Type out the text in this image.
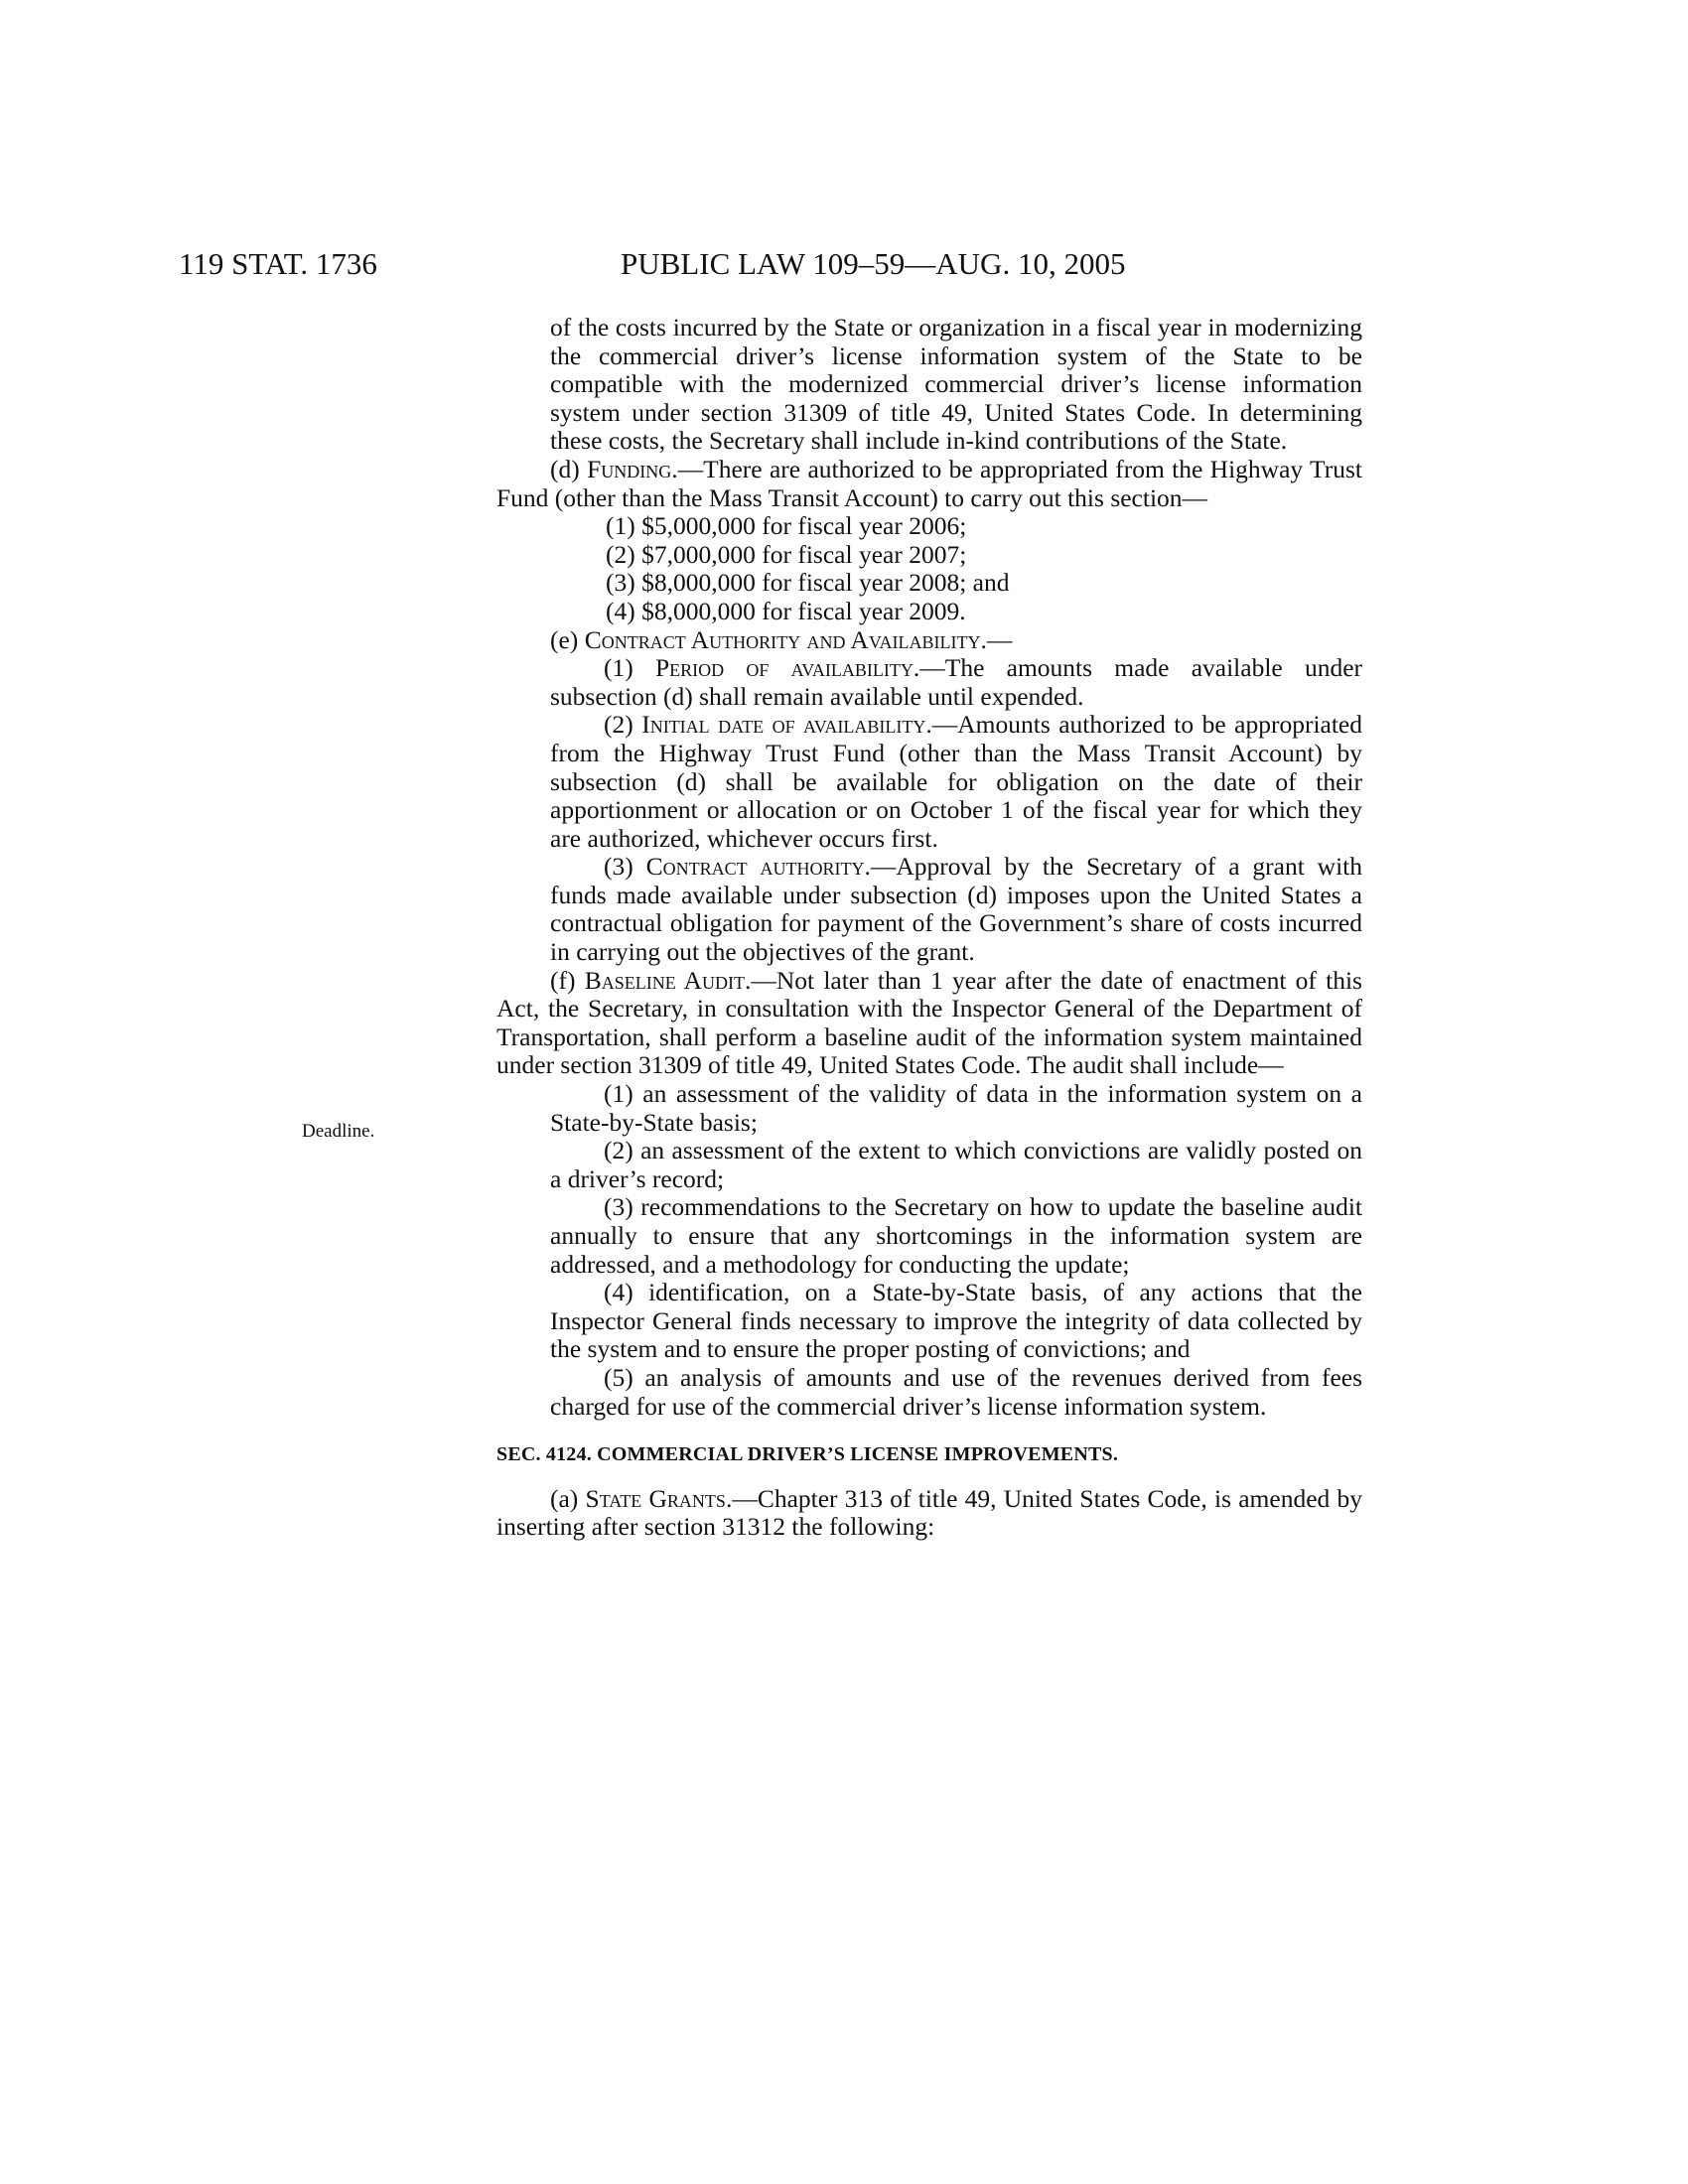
119 STAT. 1736	PUBLIC LAW 109–59—AUG. 10, 2005
Deadline.

of the costs incurred by the State or organization in a fiscal year in modernizing the commercial driver’s license information system of the State to be compatible with the modernized commercial driver’s license information system under section 31309 of title 49, United States Code. In determining these costs, the Secretary shall include in-kind contributions of the State.

(d) Funding.—There are authorized to be appropriated from the Highway Trust Fund (other than the Mass Transit Account) to carry out this section—

(1) $5,000,000 for fiscal year 2006;

(2) $7,000,000 for fiscal year 2007;

(3) $8,000,000 for fiscal year 2008; and

(4) $8,000,000 for fiscal year 2009.

(e) Contract Authority and Availability.—

(1) Period of availability.—The amounts made available under subsection (d) shall remain available until expended.

(2) Initial date of availability.—Amounts authorized to be appropriated from the Highway Trust Fund (other than the Mass Transit Account) by subsection (d) shall be available for obligation on the date of their apportionment or allocation or on October 1 of the fiscal year for which they are authorized, whichever occurs first.

(3) Contract authority.—Approval by the Secretary of a grant with funds made available under subsection (d) imposes upon the United States a contractual obligation for payment of the Government’s share of costs incurred in carrying out the objectives of the grant.

(f) Baseline Audit.—Not later than 1 year after the date of enactment of this Act, the Secretary, in consultation with the Inspector General of the Department of Transportation, shall perform a baseline audit of the information system maintained under section 31309 of title 49, United States Code. The audit shall include—

(1) an assessment of the validity of data in the information system on a State-by-State basis;

(2) an assessment of the extent to which convictions are validly posted on a driver’s record;

(3) recommendations to the Secretary on how to update the baseline audit annually to ensure that any shortcomings in the information system are addressed, and a methodology for conducting the update;

(4) identification, on a State-by-State basis, of any actions that the Inspector General finds necessary to improve the integrity of data collected by the system and to ensure the proper posting of convictions; and

(5) an analysis of amounts and use of the revenues derived from fees charged for use of the commercial driver’s license information system.

SEC. 4124. COMMERCIAL DRIVER’S LICENSE IMPROVEMENTS.

(a) State Grants.—Chapter 313 of title 49, United States Code, is amended by inserting after section 31312 the following:
